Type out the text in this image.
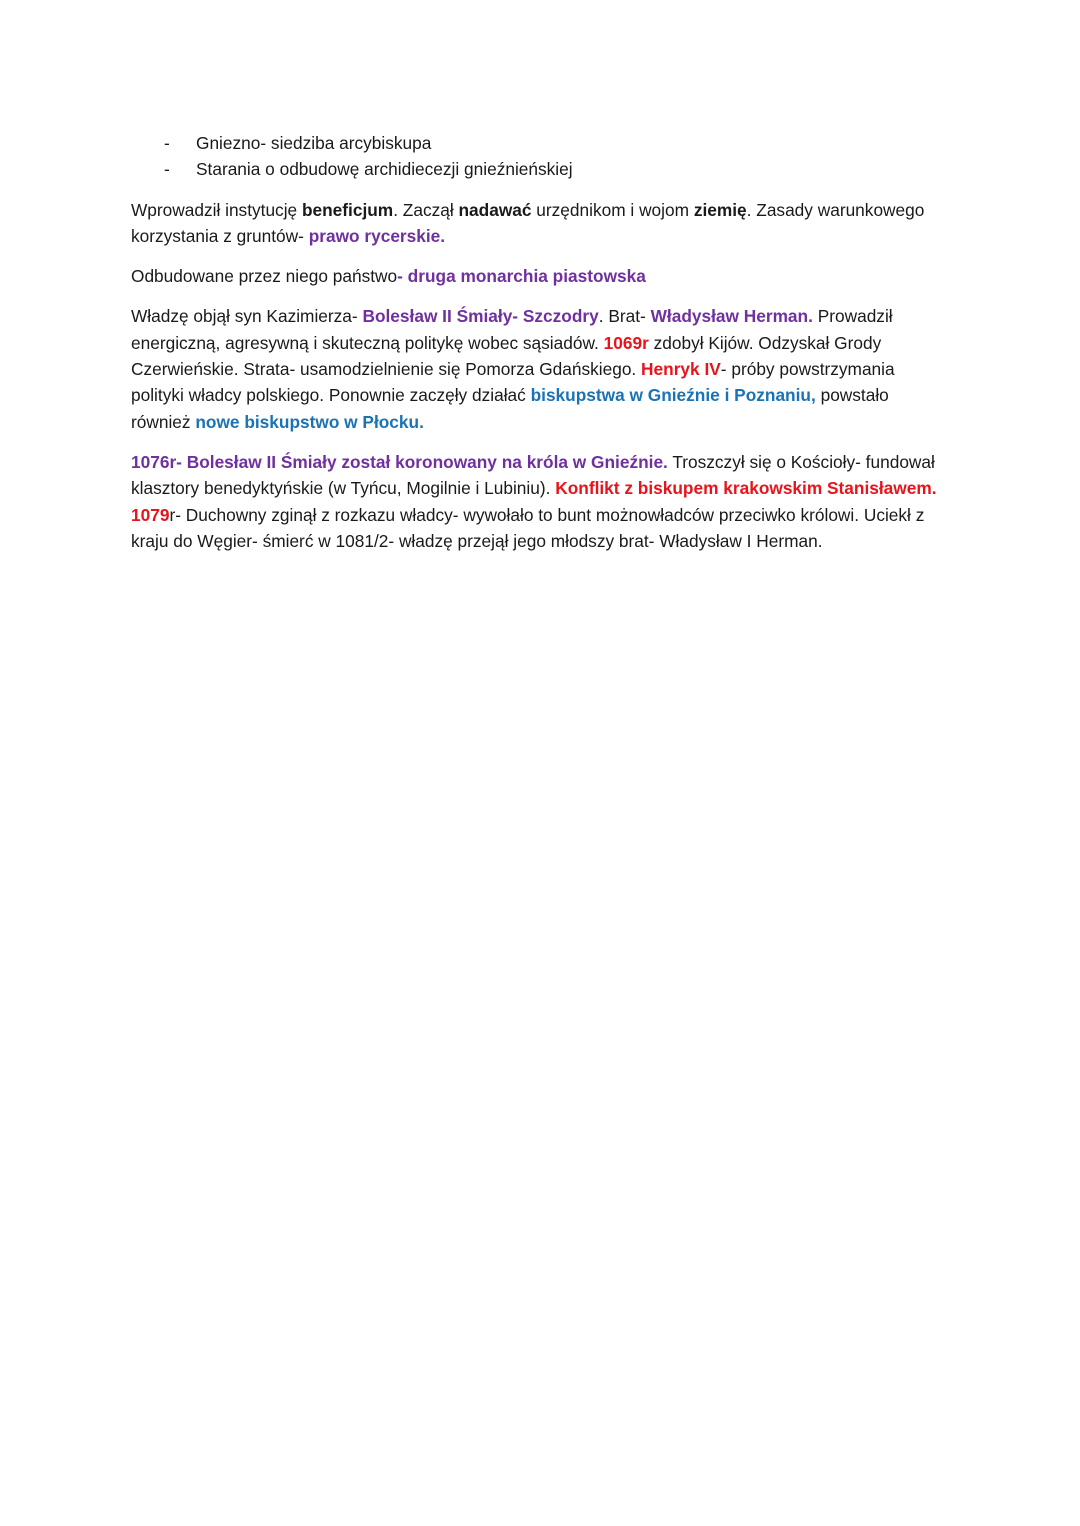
- Gniezno- siedziba arcybiskupa
- Starania o odbudowę archidiecezji gnieźnieńskiej

Wprowadził instytucję beneficjum. Zaczął nadawać urzędnikom i wojom ziemię. Zasady warunkowego korzystania z gruntów- prawo rycerskie.

Odbudowane przez niego państwo- druga monarchia piastowska

Władzę objął syn Kazimierza- Bolesław II Śmiały- Szczodry. Brat- Władysław Herman. Prowadził energiczną, agresywną i skuteczną politykę wobec sąsiadów. 1069r zdobył Kijów. Odzyskał Grody Czerwieńskie. Strata- usamodzielnienie się Pomorza Gdańskiego. Henryk IV- próby powstrzymania polityki władcy polskiego. Ponownie zaczęły działać biskupstwa w Gnieźnie i Poznaniu, powstało również nowe biskupstwo w Płocku.

1076r- Bolesław II Śmiały został koronowany na króla w Gnieźnie. Troszczył się o Kościoły- fundował klasztory benedyktyńskie (w Tyńcu, Mogilnie i Lubiniu). Konflikt z biskupem krakowskim Stanisławem. 1079r- Duchowny zginął z rozkazu władcy- wywołało to bunt możnowładców przeciwko królowi. Uciekł z kraju do Węgier- śmierć w 1081/2- władzę przejął jego młodszy brat- Władysław I Herman.
